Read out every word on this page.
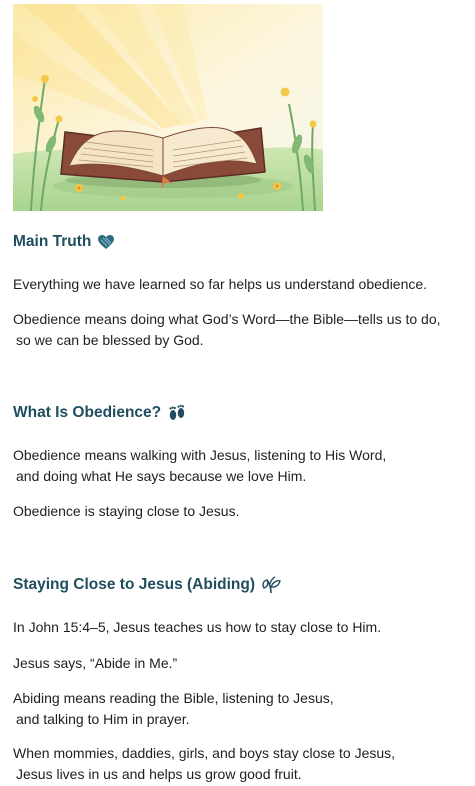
Main Truth

Everything we have learned so far helps us understand obedience.

Obedience means doing what God’s Word—the Bible—tells us to do,
so we can be blessed by God.

What Is Obedience?

Obedience means walking with Jesus, listening to His Word,
and doing what He says because we love Him.

Obedience is staying close to Jesus.

Staying Close to Jesus (Abiding)

In John 15:4–5, Jesus teaches us how to stay close to Him.

Jesus says, “Abide in Me.”

Abiding means reading the Bible, listening to Jesus,
and talking to Him in prayer.

When mommies, daddies, girls, and boys stay close to Jesus,
Jesus lives in us and helps us grow good fruit.
